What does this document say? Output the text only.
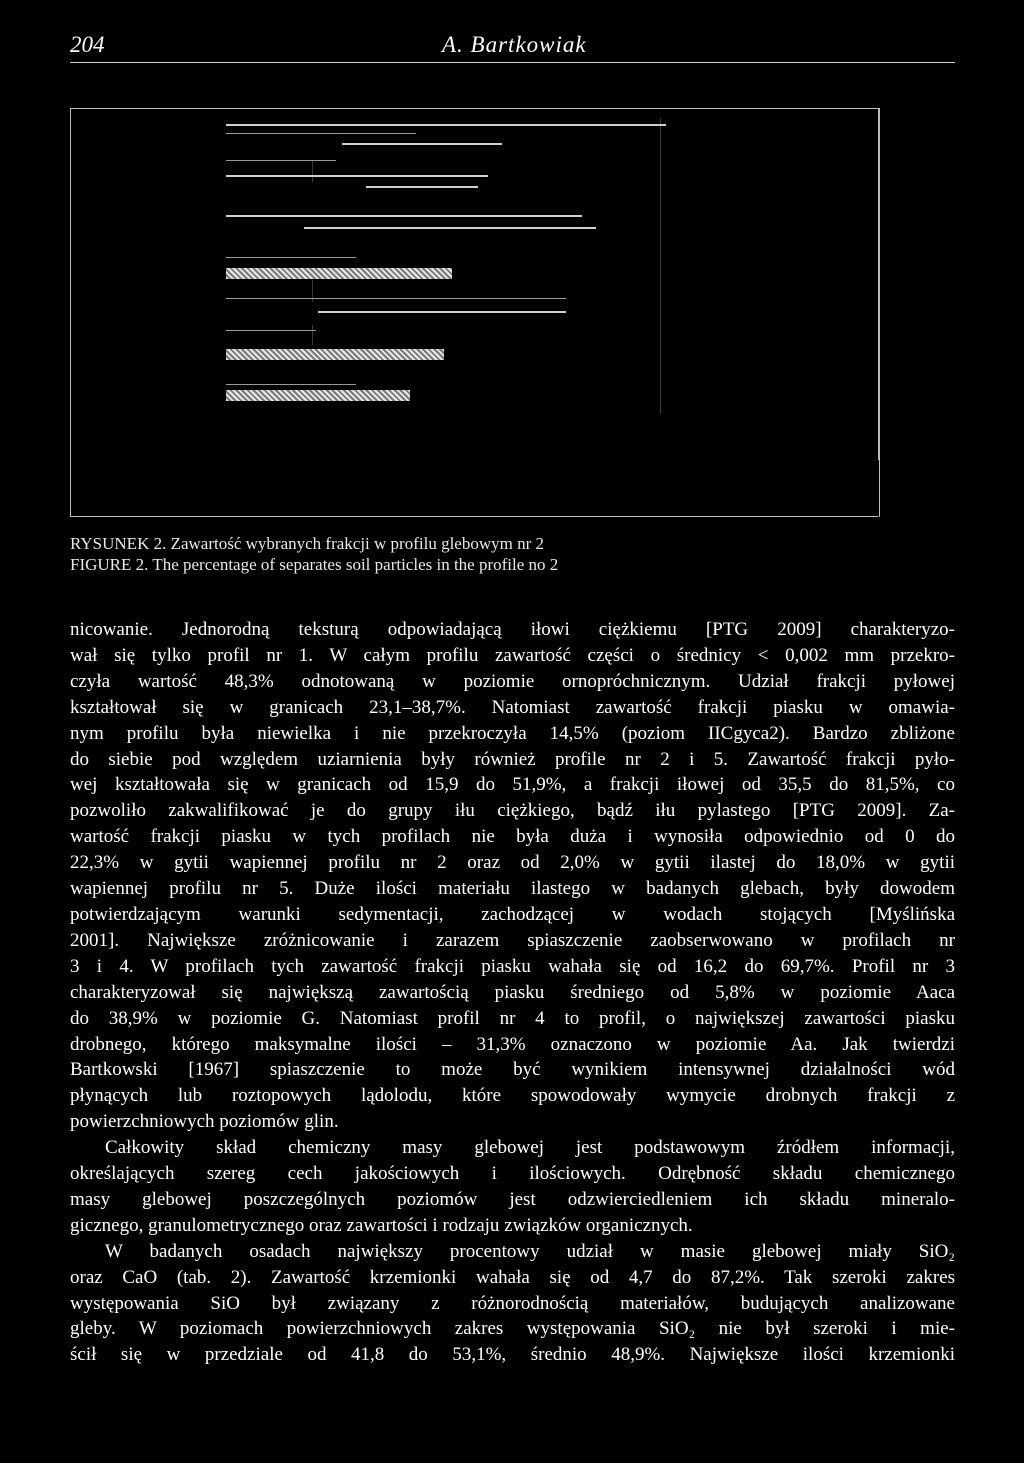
204	A. Bartkowiak
RYSUNEK 2. Zawartość wybranych frakcji w profilu glebowym nr 2
FIGURE 2. The percentage of separates soil particles in the profile no 2
nicowanie. Jednorodną teksturą odpowiadającą iłowi ciężkiemu [PTG 2009] charakteryzo-
wał się tylko profil nr 1. W całym profilu zawartość części o średnicy < 0,002 mm przekro-
czyła wartość 48,3% odnotowaną w poziomie ornopróchnicznym. Udział frakcji pyłowej
kształtował się w granicach 23,1–38,7%. Natomiast zawartość frakcji piasku w omawia-
nym profilu była niewielka i nie przekroczyła 14,5% (poziom IICgyca2). Bardzo zbliżone
do siebie pod względem uziarnienia były również profile nr 2 i 5. Zawartość frakcji pyło-
wej kształtowała się w granicach od 15,9 do 51,9%, a frakcji iłowej od 35,5 do 81,5%, co
pozwoliło zakwalifikować je do grupy iłu ciężkiego, bądź iłu pylastego [PTG 2009]. Za-
wartość frakcji piasku w tych profilach nie była duża i wynosiła odpowiednio od 0 do
22,3% w gytii wapiennej profilu nr 2 oraz od 2,0% w gytii ilastej do 18,0% w gytii
wapiennej profilu nr 5. Duże ilości materiału ilastego w badanych glebach, były dowodem
potwierdzającym warunki sedymentacji, zachodzącej w wodach stojących [Myślińska
2001]. Największe zróżnicowanie i zarazem spiaszczenie zaobserwowano w profilach nr
3 i 4. W profilach tych zawartość frakcji piasku wahała się od 16,2 do 69,7%. Profil nr 3
charakteryzował się największą zawartością piasku średniego od 5,8% w poziomie Aaca
do 38,9% w poziomie G. Natomiast profil nr 4 to profil, o największej zawartości piasku
drobnego, którego maksymalne ilości – 31,3% oznaczono w poziomie Aa. Jak twierdzi
Bartkowski [1967] spiaszczenie to może być wynikiem intensywnej działalności wód
płynących lub roztopowych lądolodu, które spowodowały wymycie drobnych frakcji z
powierzchniowych poziomów glin.
Całkowity skład chemiczny masy glebowej jest podstawowym źródłem informacji,
określających szereg cech jakościowych i ilościowych. Odrębność składu chemicznego
masy glebowej poszczególnych poziomów jest odzwierciedleniem ich składu mineralo-
gicznego, granulometrycznego oraz zawartości i rodzaju związków organicznych.
W badanych osadach największy procentowy udział w masie glebowej miały SiO₂
oraz CaO (tab. 2). Zawartość krzemionki wahała się od 4,7 do 87,2%. Tak szeroki zakres
występowania SiO był związany z różnorodnością materiałów, budujących analizowane
gleby. W poziomach powierzchniowych zakres występowania SiO₂ nie był szeroki i mie-
ścił się w przedziale od 41,8 do 53,1%, średnio 48,9%. Największe ilości krzemionki
